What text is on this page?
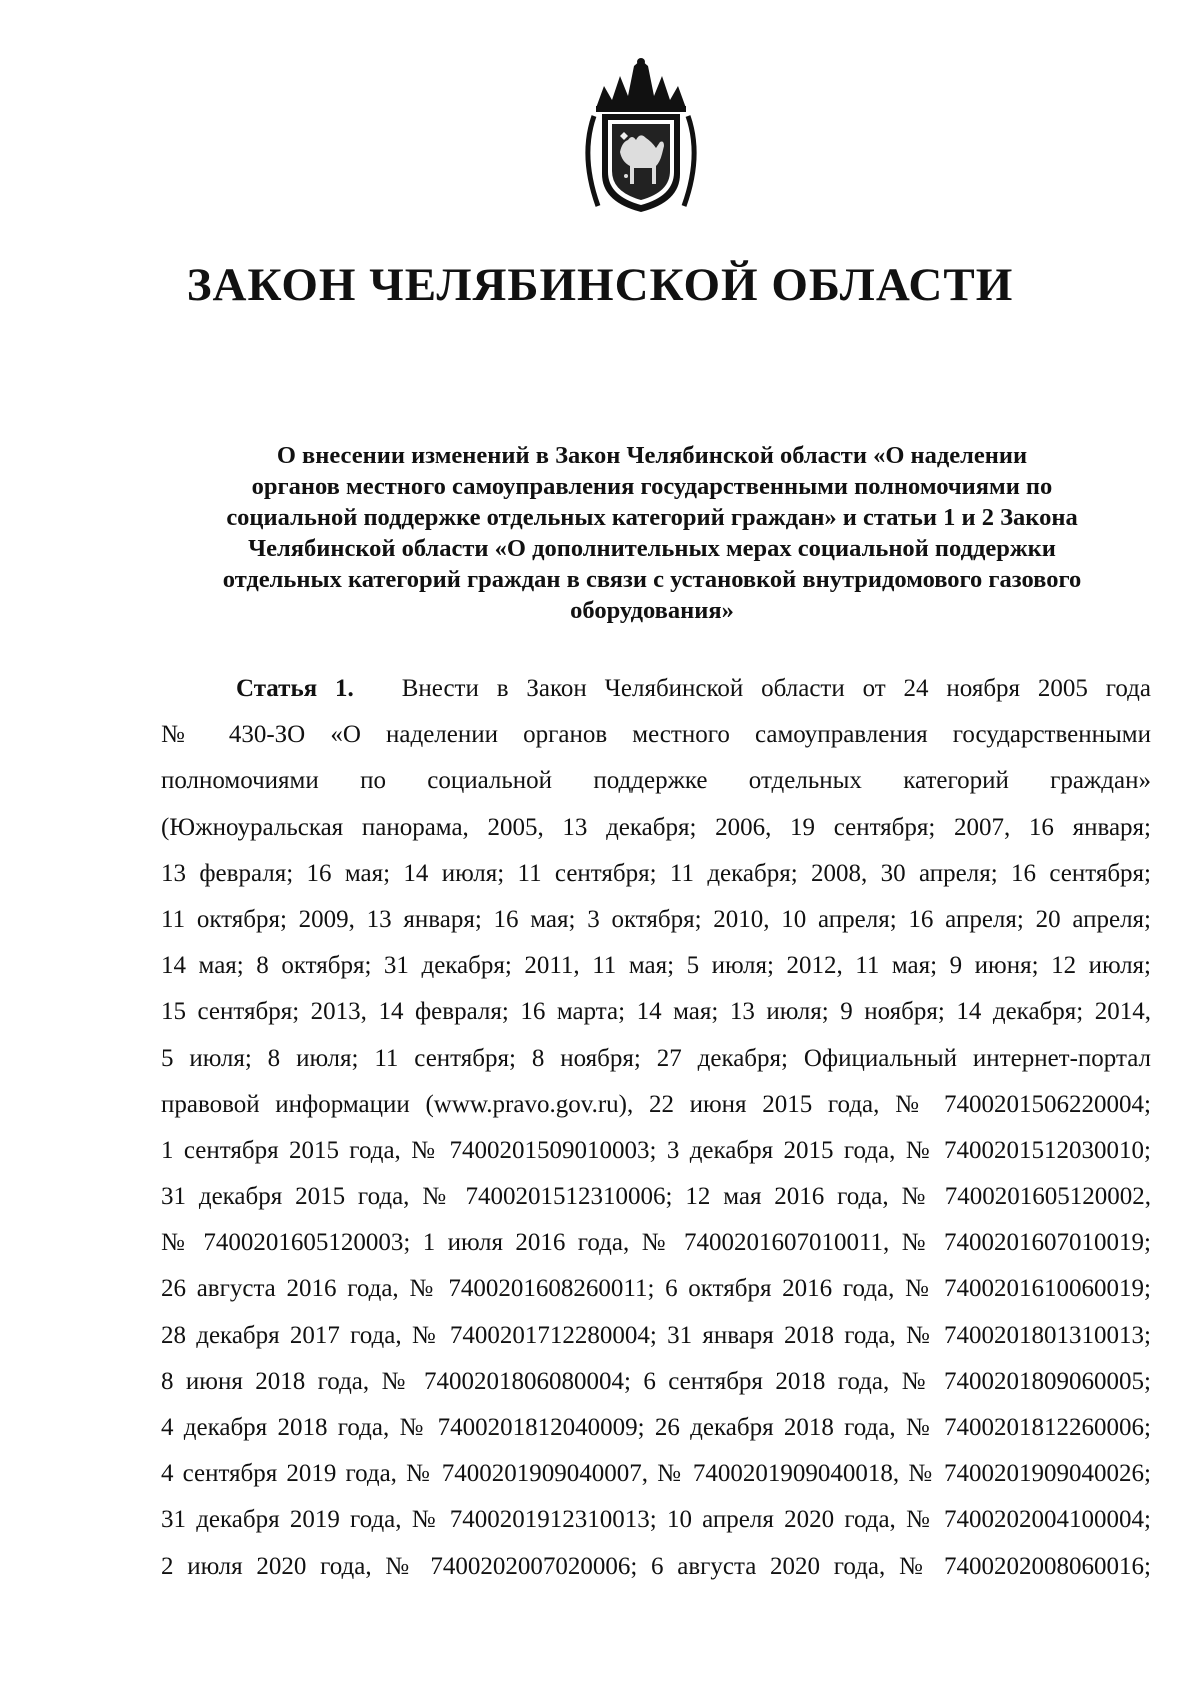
ЗАКОН ЧЕЛЯБИНСКОЙ ОБЛАСТИ
О внесении изменений в Закон Челябинской области «О наделении
органов местного самоуправления государственными полномочиями по
социальной поддержке отдельных категорий граждан» и статьи 1 и 2 Закона
Челябинской области «О дополнительных мерах социальной поддержки
отдельных категорий граждан в связи с установкой внутридомового газового
оборудования»
Статья 1. Внести в Закон Челябинской области от 24 ноября 2005 года
№ 430-ЗО «О наделении органов местного самоуправления государственными
полномочиями по социальной поддержке отдельных категорий граждан»
(Южноуральская панорама, 2005, 13 декабря; 2006, 19 сентября; 2007, 16 января;
13 февраля; 16 мая; 14 июля; 11 сентября; 11 декабря; 2008, 30 апреля; 16 сентября;
11 октября; 2009, 13 января; 16 мая; 3 октября; 2010, 10 апреля; 16 апреля; 20 апреля;
14 мая; 8 октября; 31 декабря; 2011, 11 мая; 5 июля; 2012, 11 мая; 9 июня; 12 июля;
15 сентября; 2013, 14 февраля; 16 марта; 14 мая; 13 июля; 9 ноября; 14 декабря; 2014,
5 июля; 8 июля; 11 сентября; 8 ноября; 27 декабря; Официальный интернет-портал
правовой информации (www.pravo.gov.ru), 22 июня 2015 года, № 7400201506220004;
1 сентября 2015 года, № 7400201509010003; 3 декабря 2015 года, № 7400201512030010;
31 декабря 2015 года, № 7400201512310006; 12 мая 2016 года, № 7400201605120002,
№ 7400201605120003; 1 июля 2016 года, № 7400201607010011, № 7400201607010019;
26 августа 2016 года, № 7400201608260011; 6 октября 2016 года, № 7400201610060019;
28 декабря 2017 года, № 7400201712280004; 31 января 2018 года, № 7400201801310013;
8 июня 2018 года, № 7400201806080004; 6 сентября 2018 года, № 7400201809060005;
4 декабря 2018 года, № 7400201812040009; 26 декабря 2018 года, № 7400201812260006;
4 сентября 2019 года, № 7400201909040007, № 7400201909040018, № 7400201909040026;
31 декабря 2019 года, № 7400201912310013; 10 апреля 2020 года, № 7400202004100004;
2 июля 2020 года, № 7400202007020006; 6 августа 2020 года, № 7400202008060016;
